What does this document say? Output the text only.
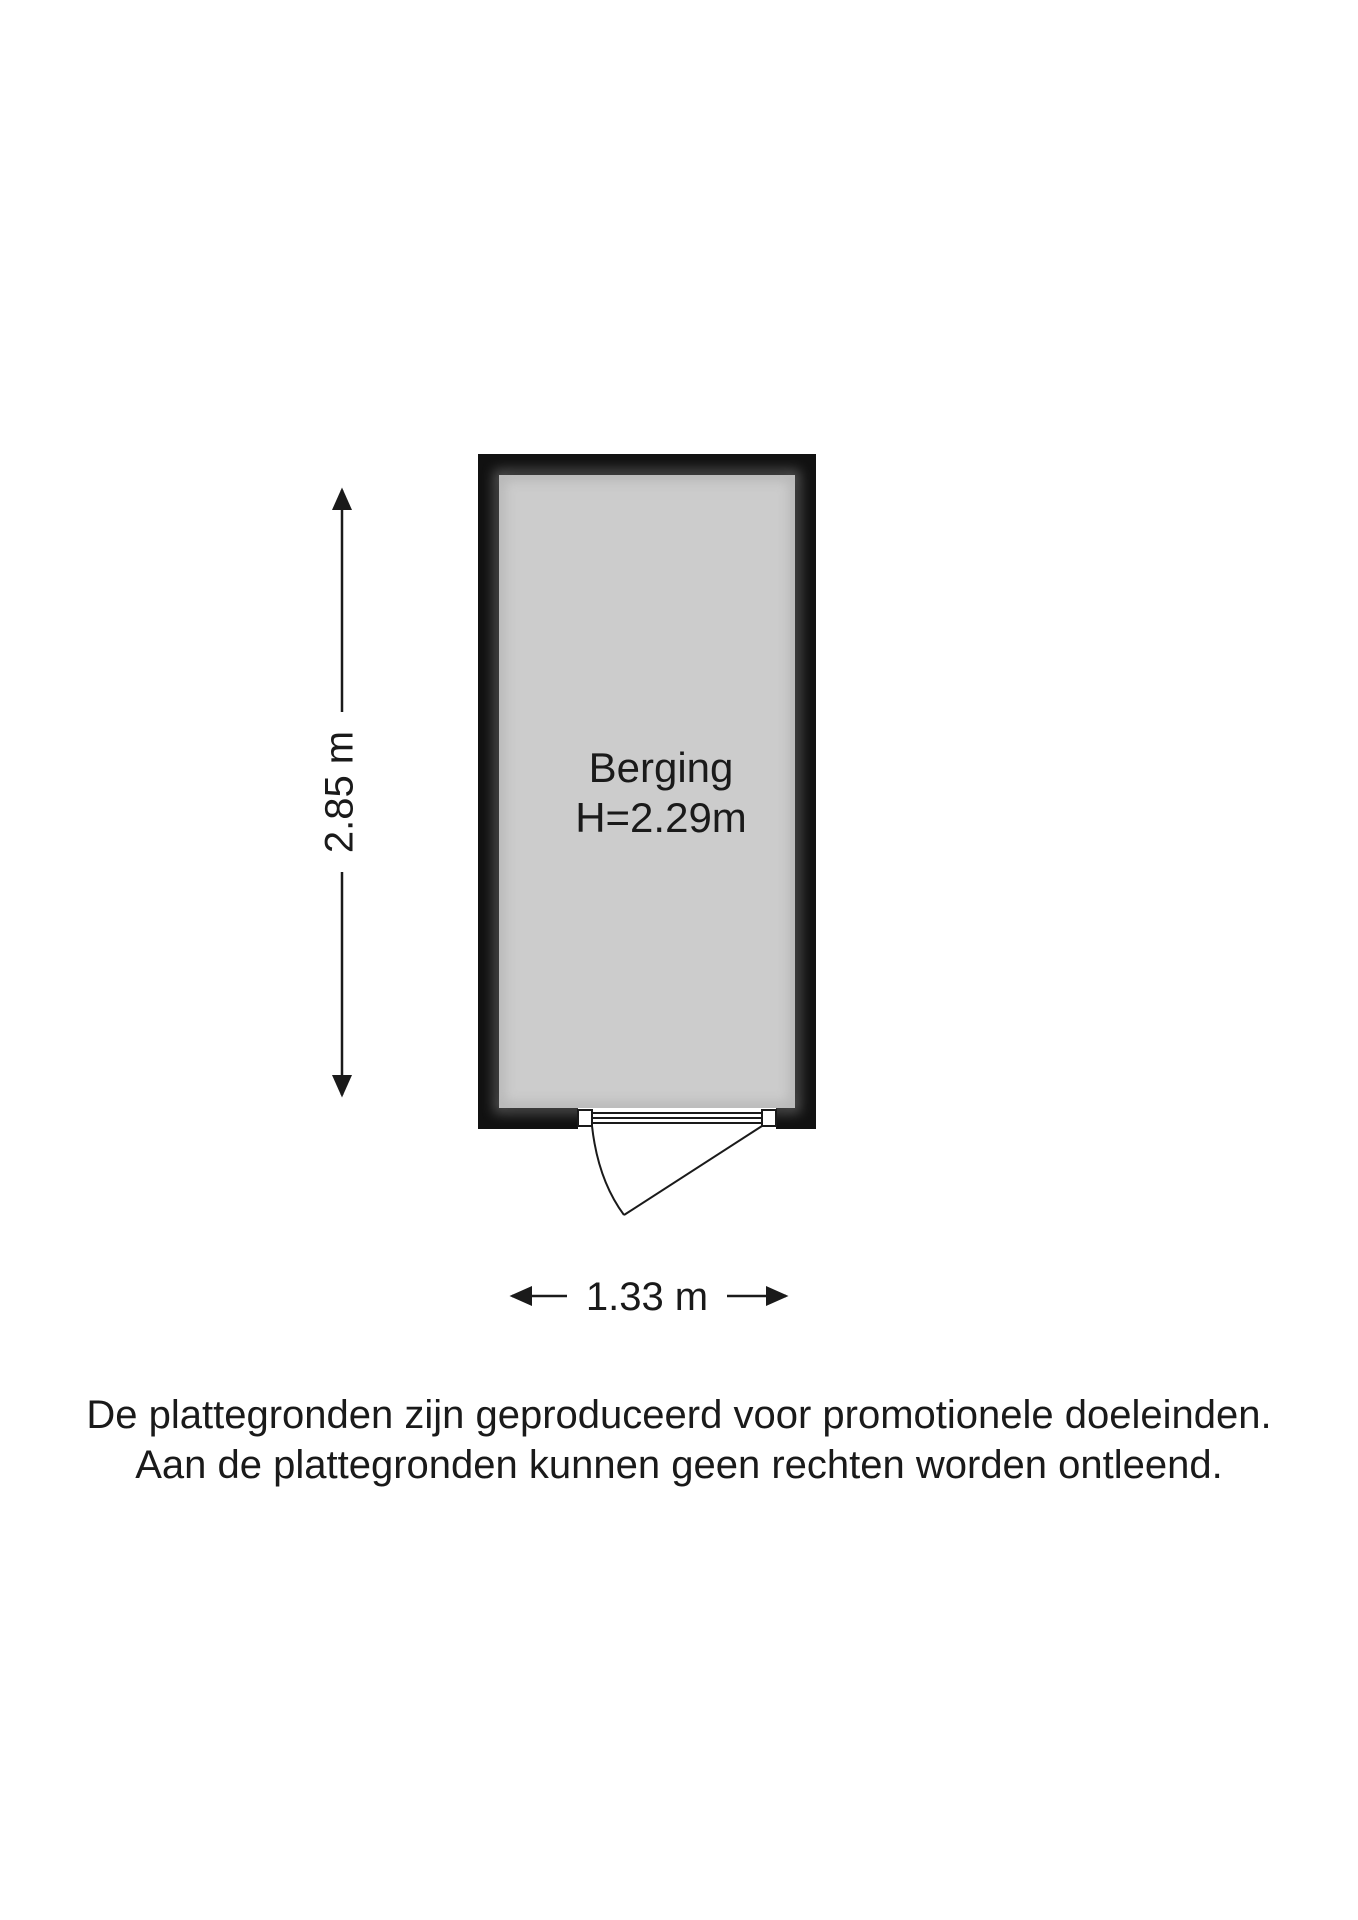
Berging
H=2.29m
2.85 m
1.33 m
De plattegronden zijn geproduceerd voor promotionele doeleinden.
Aan de plattegronden kunnen geen rechten worden ontleend.
